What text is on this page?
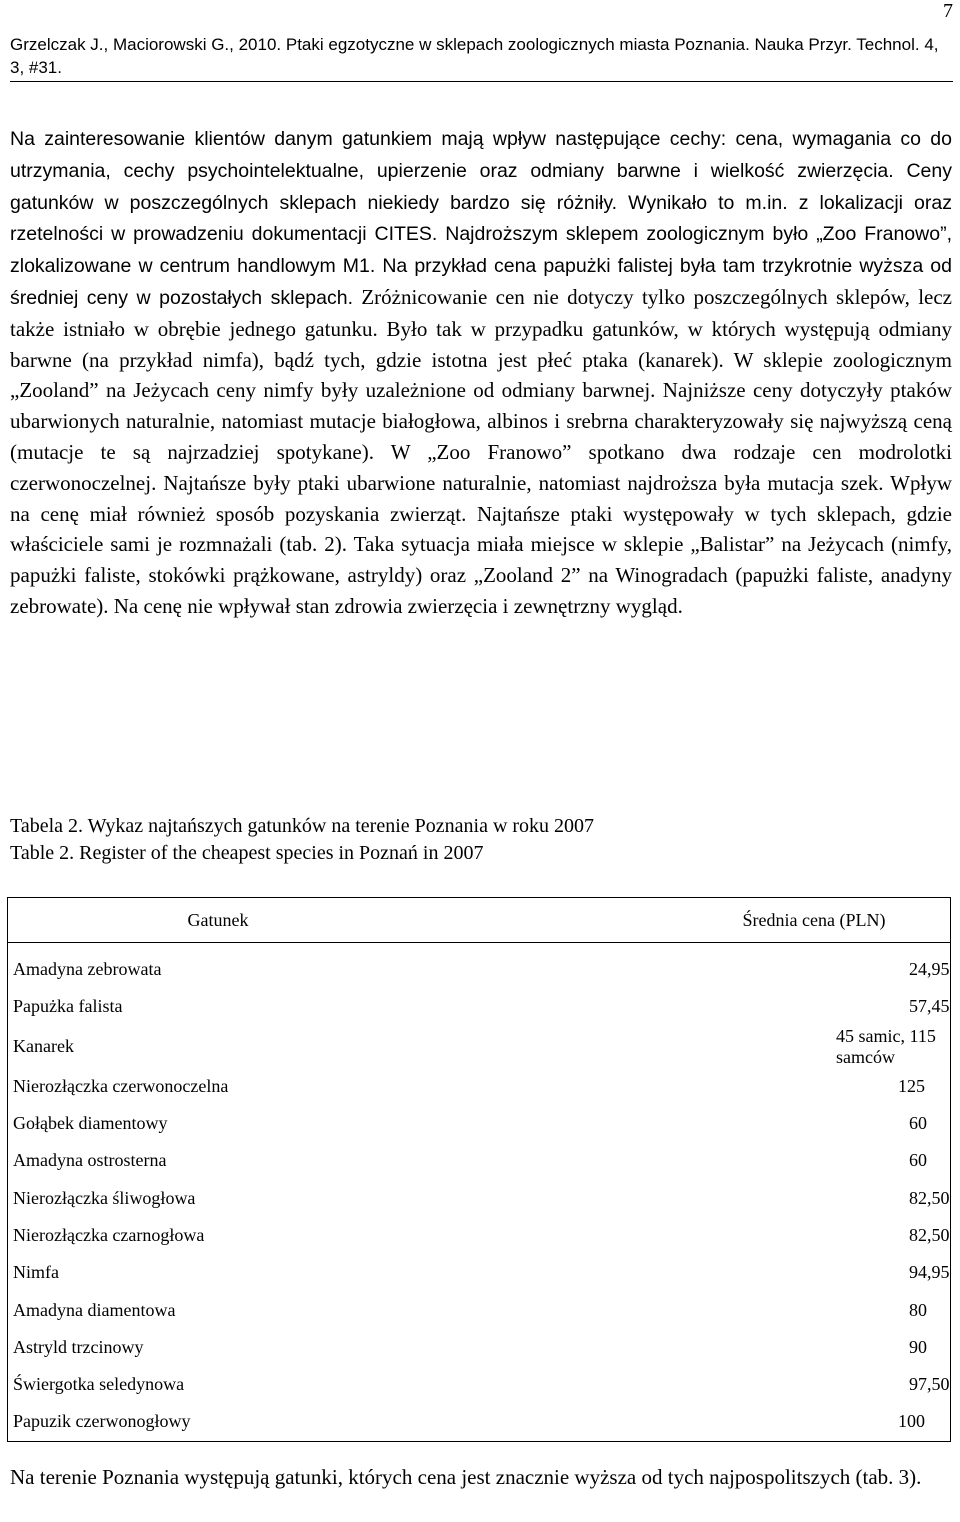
7
Grzelczak J., Maciorowski G., 2010. Ptaki egzotyczne w sklepach zoologicznych miasta Poznania. Nauka Przyr. Technol. 4, 3, #31.

Na zainteresowanie klientów danym gatunkiem mają wpływ następujące cechy: cena, wymagania co do utrzymania, cechy psychointelektualne, upierzenie oraz odmiany barwne i wielkość zwierzęcia. Ceny gatunków w poszczególnych sklepach niekiedy bardzo się różniły. Wynikało to m.in. z lokalizacji oraz rzetelności w prowadzeniu dokumentacji CITES. Najdroższym sklepem zoologicznym było „Zoo Franowo”, zlokalizowane w centrum handlowym M1. Na przykład cena papużki falistej była tam trzykrotnie wyższa od średniej ceny w pozostałych sklepach. Zróżnicowanie cen nie dotyczy tylko poszczególnych sklepów, lecz także istniało w obrębie jednego gatunku. Było tak w przypadku gatunków, w których występują odmiany barwne (na przykład nimfa), bądź tych, gdzie istotna jest płeć ptaka (kanarek). W sklepie zoologicznym „Zooland” na Jeżycach ceny nimfy były uzależnione od odmiany barwnej. Najniższe ceny dotyczyły ptaków ubarwionych naturalnie, natomiast mutacje białogłowa, albinos i srebrna charakteryzowały się najwyższą ceną (mutacje te są najrzadziej spotykane). W „Zoo Franowo” spotkano dwa rodzaje cen modrolotki czerwonoczelnej. Najtańsze były ptaki ubarwione naturalnie, natomiast najdroższa była mutacja szek. Wpływ na cenę miał również sposób pozyskania zwierząt. Najtańsze ptaki występowały w tych sklepach, gdzie właściciele sami je rozmnażali (tab. 2). Taka sytuacja miała miejsce w sklepie „Balistar” na Jeżycach (nimfy, papużki faliste, stokówki prążkowane, astryldy) oraz „Zooland 2” na Winogradach (papużki faliste, anadyny zebrowate). Na cenę nie wpływał stan zdrowia zwierzęcia i zewnętrzny wygląd.

Tabela 2. Wykaz najtańszych gatunków na terenie Poznania w roku 2007
Table 2. Register of the cheapest species in Poznań in 2007
Gatunek	Średnia cena (PLN)
Amadyna zebrowata	24,95
Papużka falista	57,45
Kanarek	45 samic, 115 samców
Nierozłączka czerwonoczelna	125
Gołąbek diamentowy	60
Amadyna ostrosterna	60
Nierozłączka śliwogłowa	82,50
Nierozłączka czarnogłowa	82,50
Nimfa	94,95
Amadyna diamentowa	80
Astryld trzcinowy	90
Świergotka seledynowa	97,50
Papuzik czerwonogłowy	100

Na terenie Poznania występują gatunki, których cena jest znacznie wyższa od tych najpospolitszych (tab. 3).
